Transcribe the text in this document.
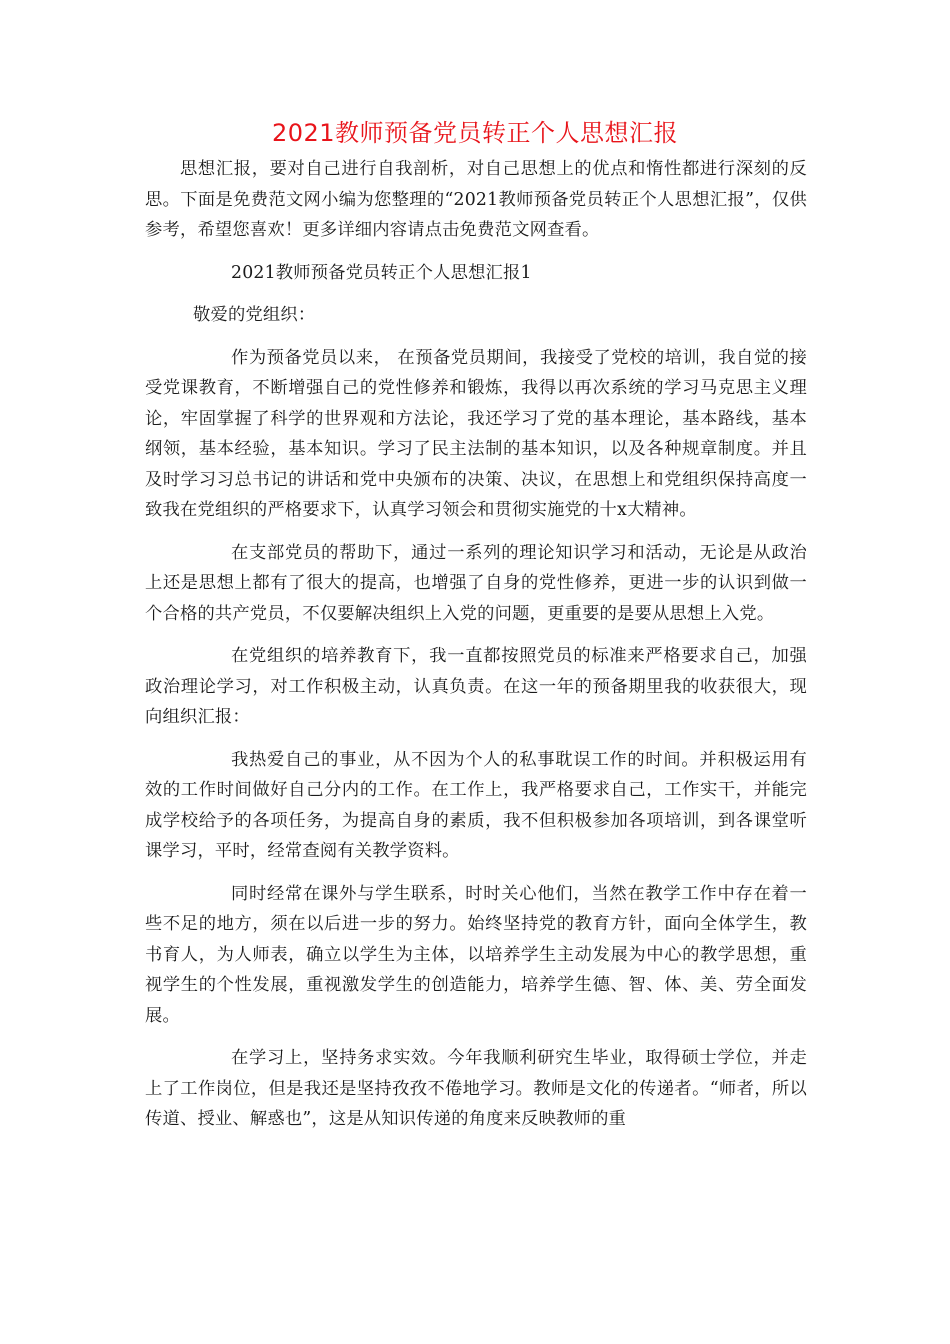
2021教师预备党员转正个人思想汇报

思想汇报，要对自己进行自我剖析，对自己思想上的优点和惰性都进行深刻的反思。下面是免费范文网小编为您整理的“2021教师预备党员转正个人思想汇报”，仅供参考，希望您喜欢！更多详细内容请点击免费范文网查看。

2021教师预备党员转正个人思想汇报1

敬爱的党组织：

作为预备党员以来， 在预备党员期间，我接受了党校的培训，我自觉的接受党课教育，不断增强自己的党性修养和锻炼，我得以再次系统的学习马克思主义理论，牢固掌握了科学的世界观和方法论，我还学习了党的基本理论，基本路线，基本纲领，基本经验，基本知识。学习了民主法制的基本知识，以及各种规章制度。并且及时学习习总书记的讲话和党中央颁布的决策、决议，在思想上和党组织保持高度一致我在党组织的严格要求下，认真学习领会和贯彻实施党的十x大精神。

在支部党员的帮助下，通过一系列的理论知识学习和活动，无论是从政治上还是思想上都有了很大的提高，也增强了自身的党性修养，更进一步的认识到做一个合格的共产党员，不仅要解决组织上入党的问题，更重要的是要从思想上入党。

在党组织的培养教育下，我一直都按照党员的标准来严格要求自己，加强政治理论学习，对工作积极主动，认真负责。在这一年的预备期里我的收获很大，现向组织汇报：

我热爱自己的事业，从不因为个人的私事耽误工作的时间。并积极运用有效的工作时间做好自己分内的工作。在工作上，我严格要求自己，工作实干，并能完成学校给予的各项任务，为提高自身的素质，我不但积极参加各项培训，到各课堂听课学习，平时，经常查阅有关教学资料。

同时经常在课外与学生联系，时时关心他们，当然在教学工作中存在着一些不足的地方，须在以后进一步的努力。始终坚持党的教育方针，面向全体学生，教书育人，为人师表，确立以学生为主体，以培养学生主动发展为中心的教学思想，重视学生的个性发展，重视激发学生的创造能力，培养学生德、智、体、美、劳全面发展。

在学习上，坚持务求实效。今年我顺利研究生毕业，取得硕士学位，并走上了工作岗位，但是我还是坚持孜孜不倦地学习。教师是文化的传递者。“师者，所以传道、授业、解惑也”，这是从知识传递的角度来反映教师的重
